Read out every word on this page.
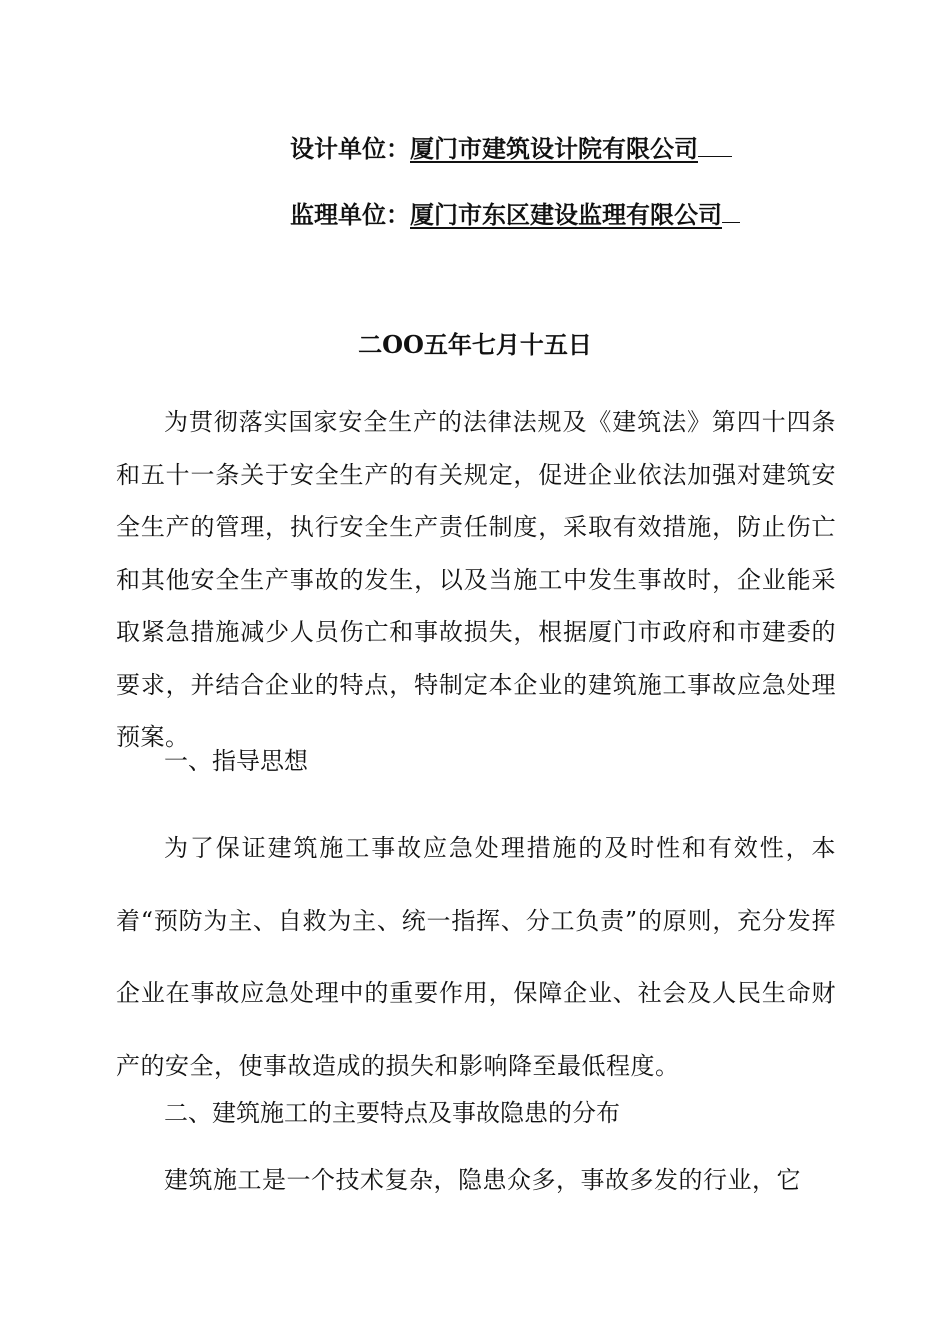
设计单位：厦门市建筑设计院有限公司
监理单位：厦门市东区建设监理有限公司
二OO五年七月十五日
为贯彻落实国家安全生产的法律法规及《建筑法》第四十四条和五十一条关于安全生产的有关规定，促进企业依法加强对建筑安全生产的管理，执行安全生产责任制度，采取有效措施，防止伤亡和其他安全生产事故的发生，以及当施工中发生事故时，企业能采取紧急措施减少人员伤亡和事故损失，根据厦门市政府和市建委的要求，并结合企业的特点，特制定本企业的建筑施工事故应急处理预案。
一、指导思想
为了保证建筑施工事故应急处理措施的及时性和有效性，本着“预防为主、自救为主、统一指挥、分工负责”的原则，充分发挥企业在事故应急处理中的重要作用，保障企业、社会及人民生命财产的安全，使事故造成的损失和影响降至最低程度。
二、建筑施工的主要特点及事故隐患的分布
建筑施工是一个技术复杂，隐患众多，事故多发的行业，它
